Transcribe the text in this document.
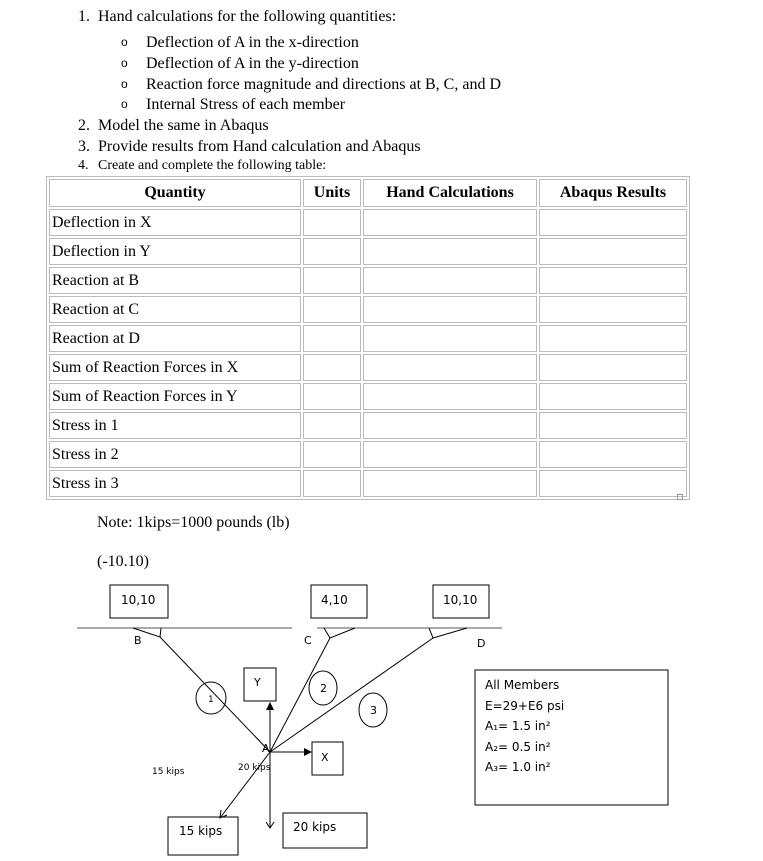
1. Hand calculations for the following quantities:
o Deflection of A in the x-direction
o Deflection of A in the y-direction
o Reaction force magnitude and directions at B, C, and D
o Internal Stress of each member
2. Model the same in Abaqus
3. Provide results from Hand calculation and Abaqus
4. Create and complete the following table:
Quantity	Units	Hand Calculations	Abaqus Results
Deflection in X			
Deflection in Y			
Reaction at B			
Reaction at C			
Reaction at D			
Sum of Reaction Forces in X			
Sum of Reaction Forces in Y			
Stress in 1			
Stress in 2			
Stress in 3			
Note: 1kips=1000 pounds (lb)
(-10.10)
10,10	4,10	10,10
B	C	D
A
1
2
3
Y
X
15 kips	20 kips
15 kips	20 kips
All Members
E=29+E6 psi
A₁= 1.5 in²
A₂= 0.5 in²
A₃= 1.0 in²
